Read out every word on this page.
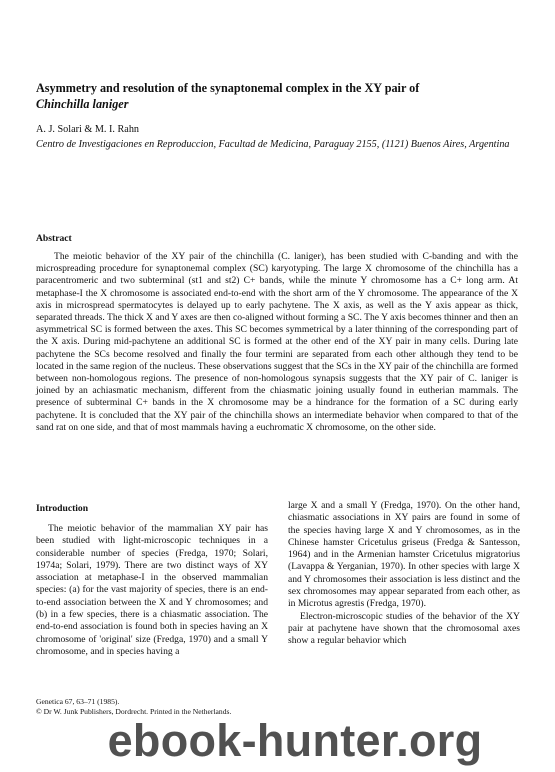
Asymmetry and resolution of the synaptonemal complex in the XY pair of
Chinchilla laniger
A. J. Solari & M. I. Rahn
Centro de Investigaciones en Reproduccion, Facultad de Medicina, Paraguay 2155, (1121) Buenos Aires, Argentina
Abstract

The meiotic behavior of the XY pair of the chinchilla (C. laniger), has been studied with C-banding and with the microspreading procedure for synaptonemal complex (SC) karyotyping. The large X chromosome of the chinchilla has a paracentromeric and two subterminal (st1 and st2) C+ bands, while the minute Y chromosome has a C+ long arm. At metaphase-I the X chromosome is associated end-to-end with the short arm of the Y chromosome. The appearance of the X axis in microspread spermatocytes is delayed up to early pachytene. The X axis, as well as the Y axis appear as thick, separated threads. The thick X and Y axes are then co-aligned without forming a SC. The Y axis becomes thinner and then an asymmetrical SC is formed between the axes. This SC becomes symmetrical by a later thinning of the corresponding part of the X axis. During mid-pachytene an additional SC is formed at the other end of the XY pair in many cells. During late pachytene the SCs become resolved and finally the four termini are separated from each other although they tend to be located in the same region of the nucleus. These observations suggest that the SCs in the XY pair of the chinchilla are formed between non-homologous regions. The presence of non-homologous synapsis suggests that the XY pair of C. laniger is joined by an achiasmatic mechanism, different from the chiasmatic joining usually found in eutherian mammals. The presence of subterminal C+ bands in the X chromosome may be a hindrance for the formation of a SC during early pachytene. It is concluded that the XY pair of the chinchilla shows an intermediate behavior when compared to that of the sand rat on one side, and that of most mammals having a euchromatic X chromosome, on the other side.

Introduction

The meiotic behavior of the mammalian XY pair has been studied with light-microscopic techniques in a considerable number of species (Fredga, 1970; Solari, 1974a; Solari, 1979). There are two distinct ways of XY association at metaphase-I in the observed mammalian species: (a) for the vast majority of species, there is an end-to-end association between the X and Y chromosomes; and (b) in a few species, there is a chiasmatic association. The end-to-end association is found both in species having an X chromosome of 'original' size (Fredga, 1970) and a small Y chromosome, and in species having a

large X and a small Y (Fredga, 1970). On the other hand, chiasmatic associations in XY pairs are found in some of the species having large X and Y chromosomes, as in the Chinese hamster Cricetulus griseus (Fredga & Santesson, 1964) and in the Armenian hamster Cricetulus migratorius (Lavappa & Yerganian, 1970). In other species with large X and Y chromosomes their association is less distinct and the sex chromosomes may appear separated from each other, as in Microtus agrestis (Fredga, 1970).

Electron-microscopic studies of the behavior of the XY pair at pachytene have shown that the chromosomal axes show a regular behavior which

Genetica 67, 63–71 (1985).
© Dr W. Junk Publishers, Dordrecht. Printed in the Netherlands.
ebook-hunter.org
